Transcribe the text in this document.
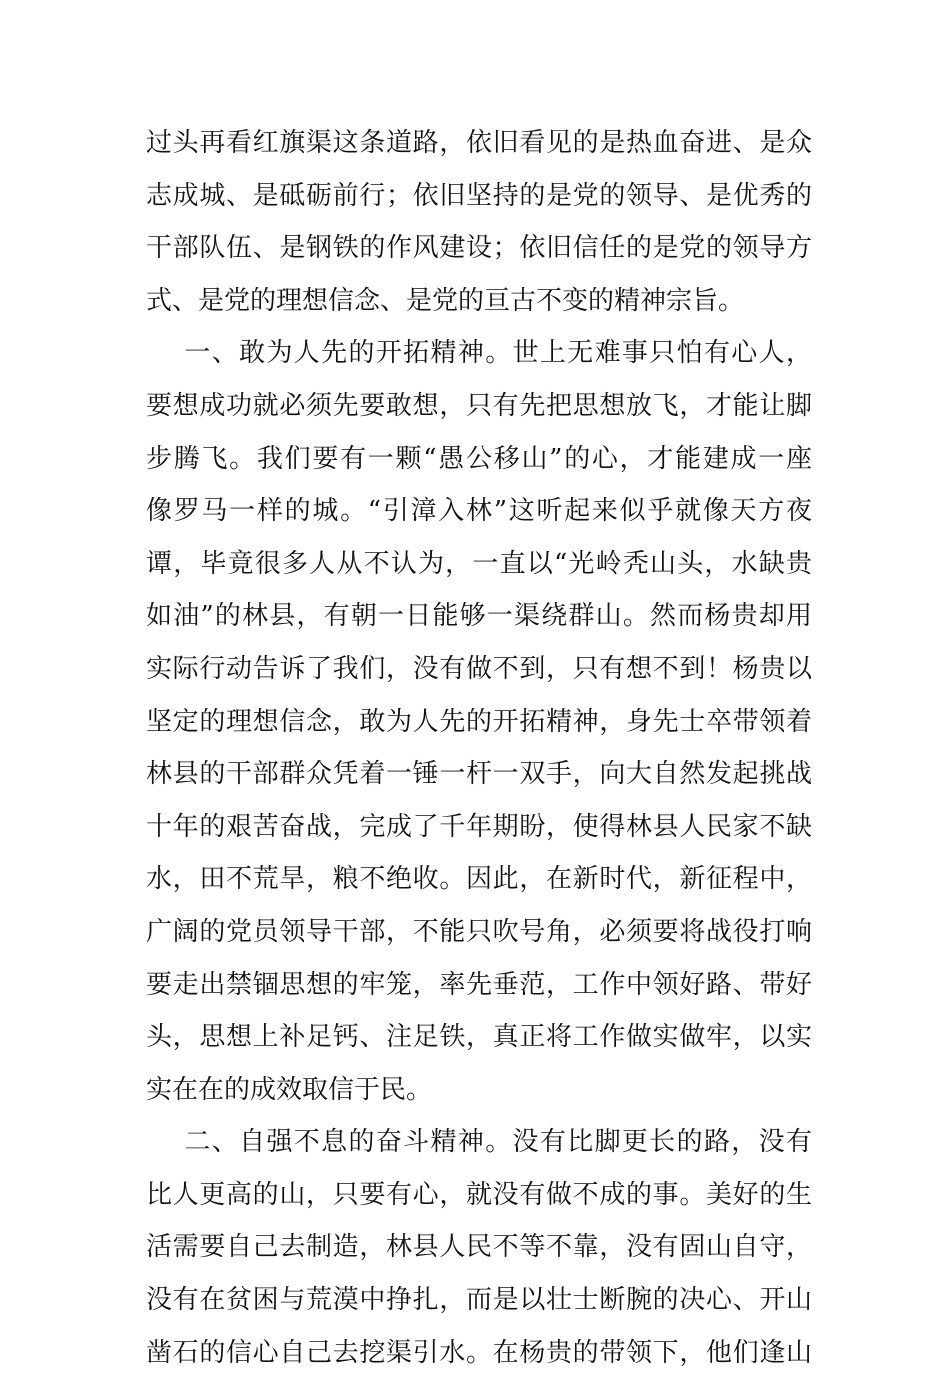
过头再看红旗渠这条道路，依旧看见的是热血奋进、是众
志成城、是砥砺前行；依旧坚持的是党的领导、是优秀的
干部队伍、是钢铁的作风建设；依旧信任的是党的领导方
式、是党的理想信念、是党的亘古不变的精神宗旨。
一、敢为人先的开拓精神。世上无难事只怕有心人，
要想成功就必须先要敢想，只有先把思想放飞，才能让脚
步腾飞。我们要有一颗“愚公移山”的心，才能建成一座
像罗马一样的城。“引漳入林”这听起来似乎就像天方夜
谭，毕竟很多人从不认为，一直以“光岭秃山头，水缺贵
如油”的林县，有朝一日能够一渠绕群山。然而杨贵却用
实际行动告诉了我们，没有做不到，只有想不到！杨贵以
坚定的理想信念，敢为人先的开拓精神，身先士卒带领着
林县的干部群众凭着一锤一杆一双手，向大自然发起挑战
十年的艰苦奋战，完成了千年期盼，使得林县人民家不缺
水，田不荒旱，粮不绝收。因此，在新时代，新征程中，
广阔的党员领导干部，不能只吹号角，必须要将战役打响
要走出禁锢思想的牢笼，率先垂范，工作中领好路、带好
头，思想上补足钙、注足铁，真正将工作做实做牢，以实
实在在的成效取信于民。
二、自强不息的奋斗精神。没有比脚更长的路，没有
比人更高的山，只要有心，就没有做不成的事。美好的生
活需要自己去制造，林县人民不等不靠，没有固山自守，
没有在贫困与荒漠中挣扎，而是以壮士断腕的决心、开山
凿石的信心自己去挖渠引水。在杨贵的带领下，他们逢山
